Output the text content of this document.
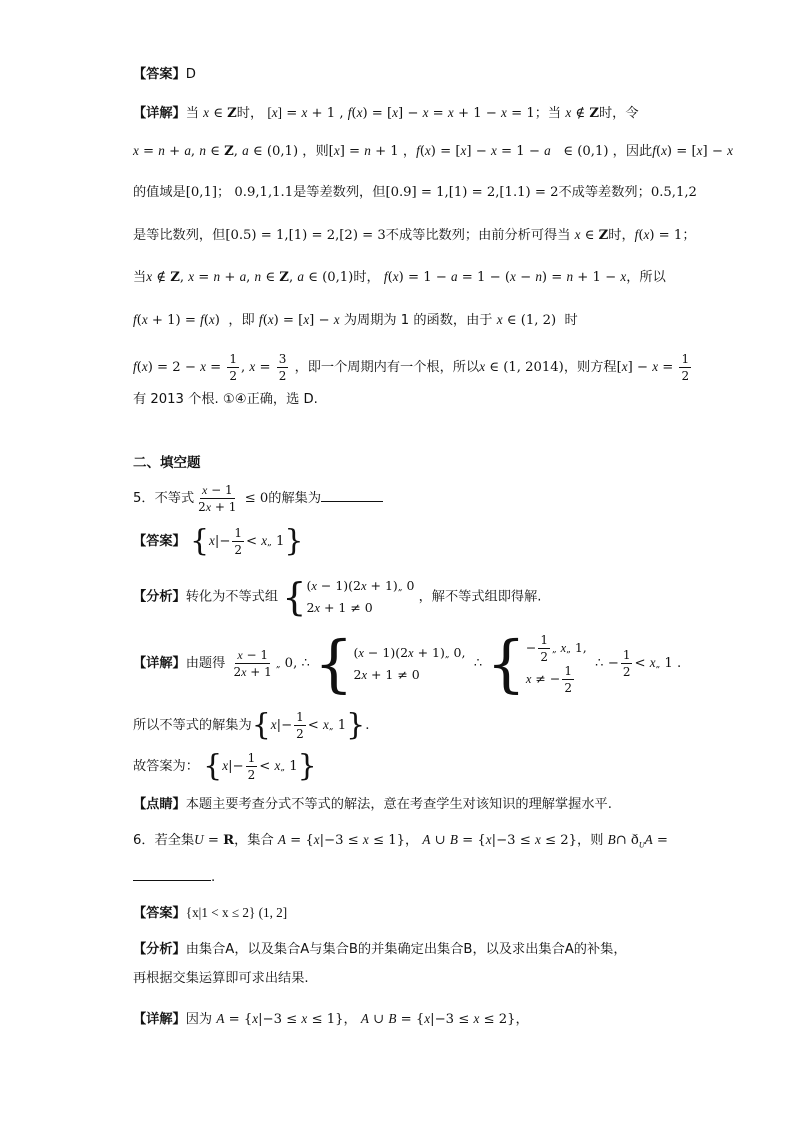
【答案】D
【详解】当 x ∈ Z时， [x] = x + 1 , f(x) = [x] − x = x + 1 − x = 1；当 x ∉ Z时，令
x = n + a, n ∈ Z, a ∈ (0,1) ，则[x] = n + 1 ，f(x) = [x] − x = 1 − a   ∈ (0,1) ，因此f(x) = [x] − x
的值域是[0,1]； 0.9,1,1.1是等差数列，但[0.9] = 1,[1) = 2,[1.1) = 2不成等差数列；0.5,1,2
是等比数列，但[0.5) = 1,[1) = 2,[2) = 3不成等比数列；由前分析可得当 x ∈ Z时，f(x) = 1；
当x ∉ Z, x = n + a, n ∈ Z, a ∈ (0,1)时， f(x) = 1 − a = 1 − (x − n) = n + 1 − x，所以
f(x + 1) = f(x)  ，即 f(x) = [x] − x 为周期为 1 的函数，由于 x ∈ (1, 2)  时
$f(x) = 2 - x = \frac{1}{2}$ , $x = \frac{3}{2}$ ，即一个周期内有一个根，所以x ∈ (1, 2014)，则方程$[x] - x = \frac{1}{2}$
有 2013 个根. ①④正确，选 D.
二、填空题
5．不等式 $\frac{x - 1}{2x + 1} \le 0$的解集为
【答案】 {$x|- \frac{1}{2}$ < x„ 1}
【分析】转化为不等式组 { (x − 1)(2x + 1)„ 0
2x + 1 ≠ 0
，解不等式组即得解.
【详解】由题得 $\frac{x - 1}{2x + 1}$ „ 0, ∴ { (x − 1)(2x + 1)„ 0,
2x + 1 ≠ 0
∴ { − $\frac{1}{2}$ „ x„ 1,
x ≠ − $\frac{1}{2}$ ∴ − $\frac{1}{2}$ < x„ 1 .
所以不等式的解集为{$x|- \frac{1}{2}$ < x„ 1}.
故答案为： {$x|- \frac{1}{2}$ < x„ 1}
【点睛】本题主要考查分式不等式的解法，意在考查学生对该知识的理解掌握水平.
6．若全集U = R，集合 A = {x|−3 ≤ x ≤ 1}， A ∪ B = {x|−3 ≤ x ≤ 2}，则 B∩ $ð_UA$ =
.
【答案】{x|1 < x ≤ 2} (1, 2]
【分析】由集合A，以及集合A与集合B的并集确定出集合B，以及求出集合A的补集，
再根据交集运算即可求出结果.
【详解】因为 A = {x|−3 ≤ x ≤ 1}， A ∪ B = {x|−3 ≤ x ≤ 2}，
